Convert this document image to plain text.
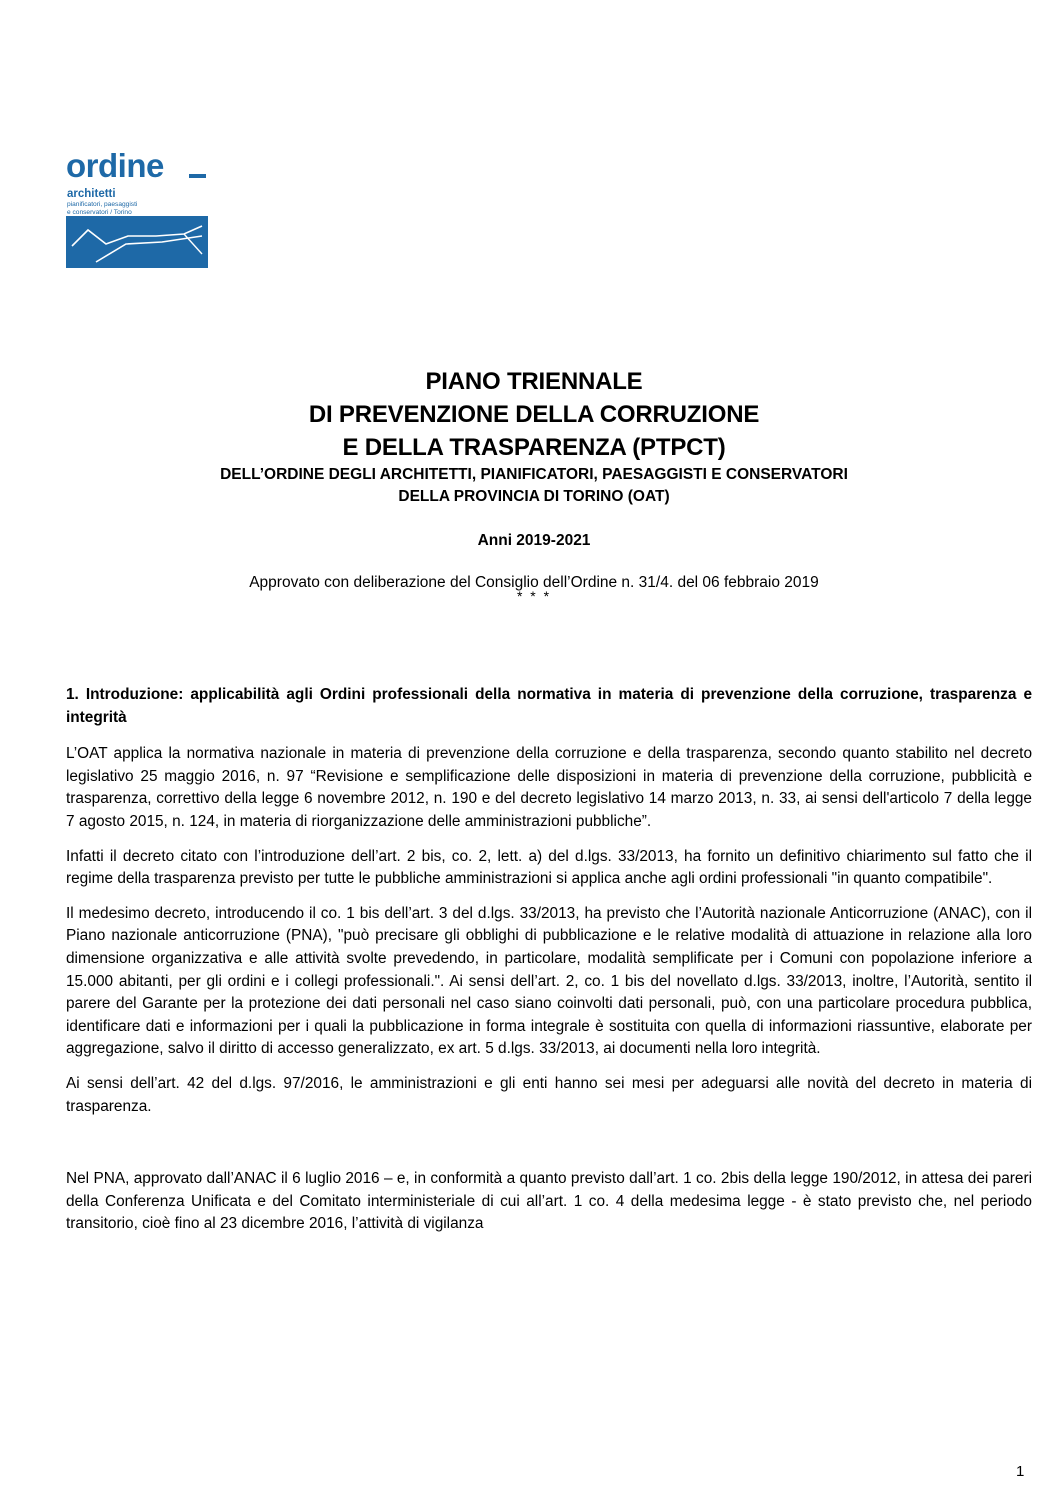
ordine
architetti
pianificatori, paesaggisti
e conservatori / Torino
PIANO TRIENNALE
DI PREVENZIONE DELLA CORRUZIONE
E DELLA TRASPARENZA (PTPCT)
DELL’ORDINE DEGLI ARCHITETTI, PIANIFICATORI, PAESAGGISTI E CONSERVATORI
DELLA PROVINCIA DI TORINO (OAT)
Anni 2019-2021
Approvato con deliberazione del Consiglio dell’Ordine n. 31/4. del 06 febbraio 2019
* * *
1. Introduzione: applicabilità agli Ordini professionali della normativa in materia di prevenzione della corruzione, trasparenza e integrità

L’OAT applica la normativa nazionale in materia di prevenzione della corruzione e della trasparenza, secondo quanto stabilito nel decreto legislativo 25 maggio 2016, n. 97 “Revisione e semplificazione delle disposizioni in materia di prevenzione della corruzione, pubblicità e trasparenza, correttivo della legge 6 novembre 2012, n. 190 e del decreto legislativo 14 marzo 2013, n. 33, ai sensi dell'articolo 7 della legge 7 agosto 2015, n. 124, in materia di riorganizzazione delle amministrazioni pubbliche”.

Infatti il decreto citato con l’introduzione dell’art. 2 bis, co. 2, lett. a) del d.lgs. 33/2013, ha fornito un definitivo chiarimento sul fatto che il regime della trasparenza previsto per tutte le pubbliche amministrazioni si applica anche agli ordini professionali "in quanto compatibile".

Il medesimo decreto, introducendo il co. 1 bis dell’art. 3 del d.lgs. 33/2013, ha previsto che l’Autorità nazionale Anticorruzione (ANAC), con il Piano nazionale anticorruzione (PNA), "può precisare gli obblighi di pubblicazione e le relative modalità di attuazione in relazione alla loro dimensione organizzativa e alle attività svolte prevedendo, in particolare, modalità semplificate per i Comuni con popolazione inferiore a 15.000 abitanti, per gli ordini e i collegi professionali.". Ai sensi dell’art. 2, co. 1 bis del novellato d.lgs. 33/2013, inoltre, l’Autorità, sentito il parere del Garante per la protezione dei dati personali nel caso siano coinvolti dati personali, può, con una particolare procedura pubblica, identificare dati e informazioni per i quali la pubblicazione in forma integrale è sostituita con quella di informazioni riassuntive, elaborate per aggregazione, salvo il diritto di accesso generalizzato, ex art. 5 d.lgs. 33/2013, ai documenti nella loro integrità.

Ai sensi dell’art. 42 del d.lgs. 97/2016, le amministrazioni e gli enti hanno sei mesi per adeguarsi alle novità del decreto in materia di trasparenza.

Nel PNA, approvato dall’ANAC il 6 luglio 2016 – e, in conformità a quanto previsto dall’art. 1 co. 2bis della legge 190/2012, in attesa dei pareri della Conferenza Unificata e del Comitato interministeriale di cui all’art. 1 co. 4 della medesima legge - è stato previsto che, nel periodo transitorio, cioè fino al 23 dicembre 2016, l’attività di vigilanza

1
